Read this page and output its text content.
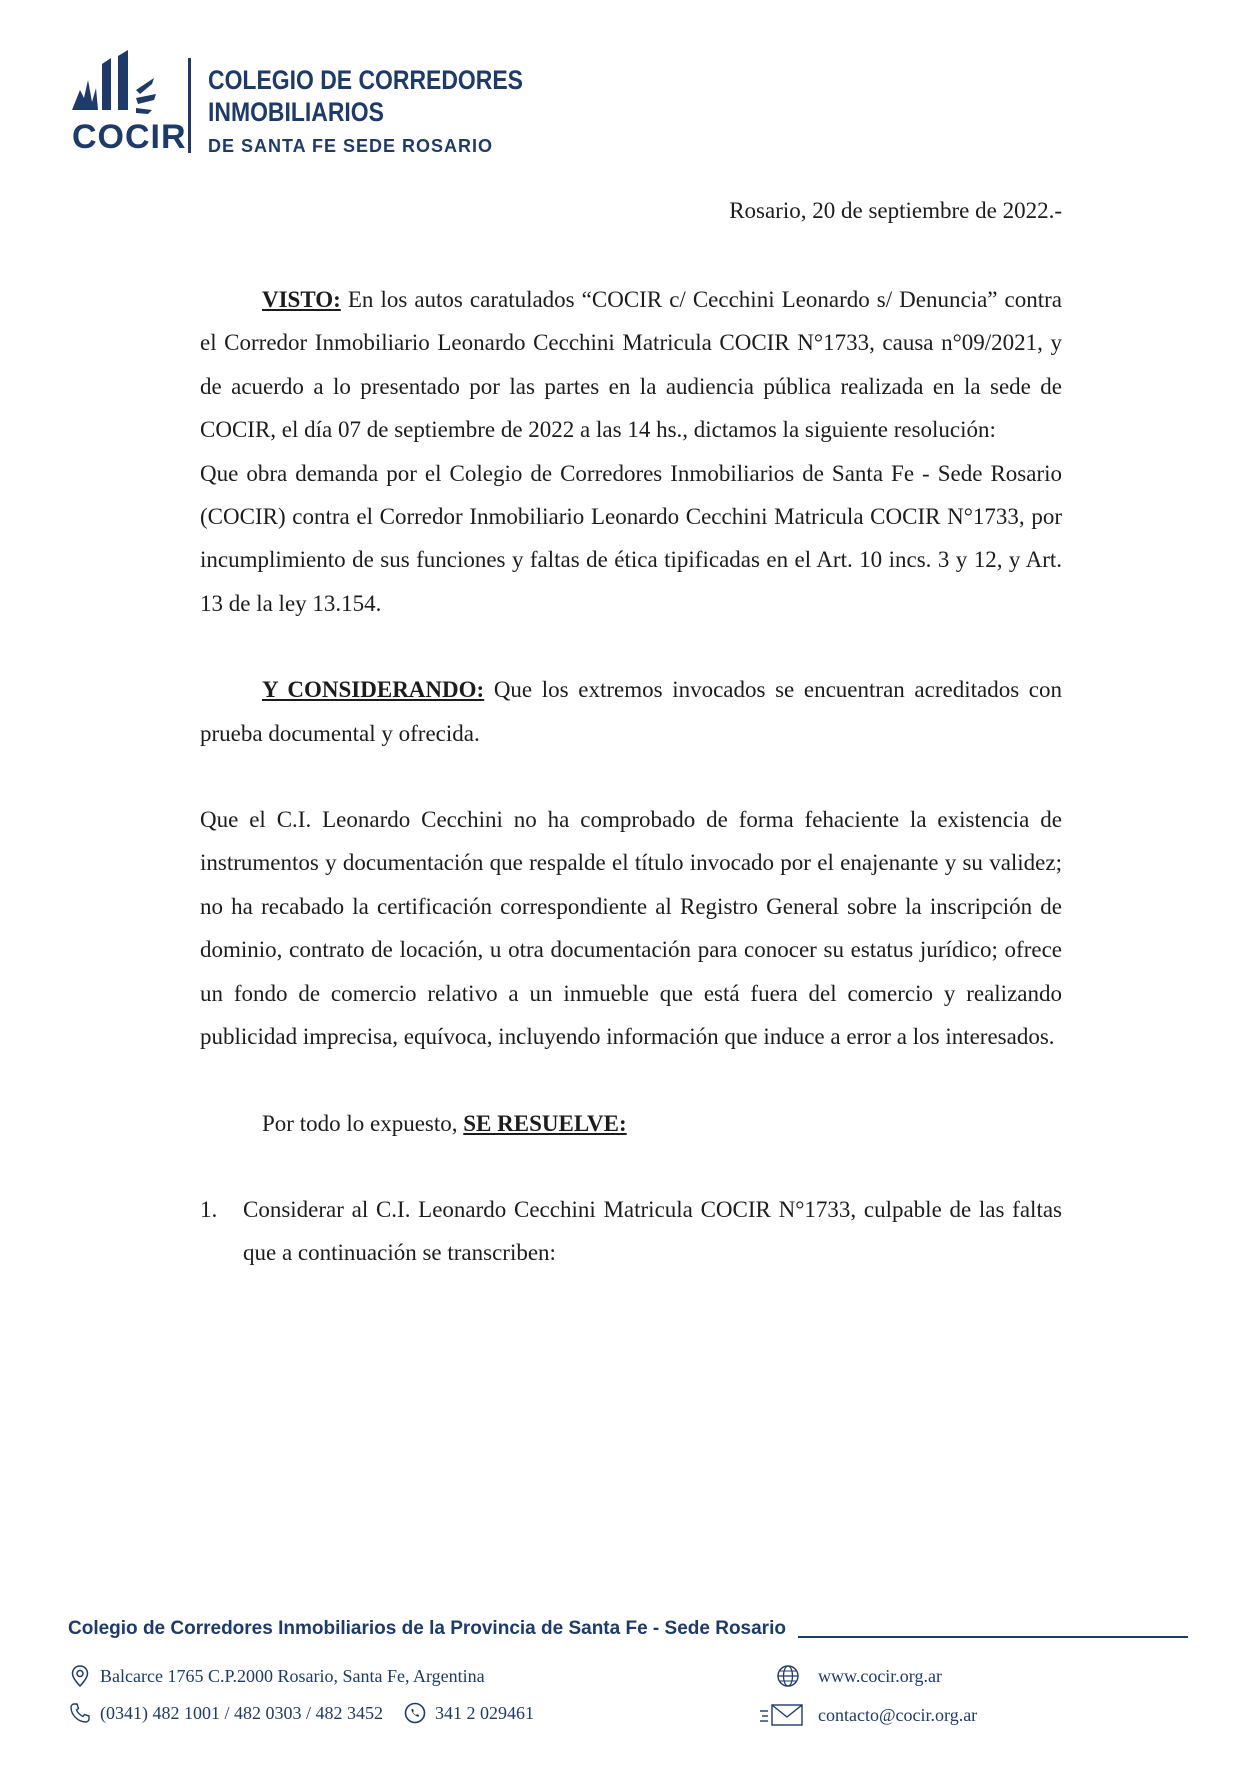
COCIR
COLEGIO DE CORREDORES
INMOBILIARIOS
DE SANTA FE SEDE ROSARIO
Rosario, 20 de septiembre de 2022.-

VISTO: En los autos caratulados “COCIR c/ Cecchini Leonardo s/ Denuncia” contra el Corredor Inmobiliario Leonardo Cecchini Matricula COCIR N°1733, causa n°09/2021, y de acuerdo a lo presentado por las partes en la audiencia pública realizada en la sede de COCIR, el día 07 de septiembre de 2022 a las 14 hs., dictamos la siguiente resolución:

Que obra demanda por el Colegio de Corredores Inmobiliarios de Santa Fe - Sede Rosario (COCIR) contra el Corredor Inmobiliario Leonardo Cecchini Matricula COCIR N°1733, por incumplimiento de sus funciones y faltas de ética tipificadas en el Art. 10 incs. 3 y 12, y Art. 13 de la ley 13.154.

Y CONSIDERANDO: Que los extremos invocados se encuentran acreditados con prueba documental y ofrecida.

Que el C.I. Leonardo Cecchini no ha comprobado de forma fehaciente la existencia de instrumentos y documentación que respalde el título invocado por el enajenante y su validez; no ha recabado la certificación correspondiente al Registro General sobre la inscripción de dominio, contrato de locación, u otra documentación para conocer su estatus jurídico; ofrece un fondo de comercio relativo a un inmueble que está fuera del comercio y realizando publicidad imprecisa, equívoca, incluyendo información que induce a error a los interesados.

Por todo lo expuesto, SE RESUELVE:

1. Considerar al C.I. Leonardo Cecchini Matricula COCIR N°1733, culpable de las faltas que a continuación se transcriben:

Colegio de Corredores Inmobiliarios de la Provincia de Santa Fe - Sede Rosario
Balcarce 1765 C.P.2000 Rosario, Santa Fe, Argentina
(0341) 482 1001 / 482 0303 / 482 3452	341 2 029461
www.cocir.org.ar
contacto@cocir.org.ar
